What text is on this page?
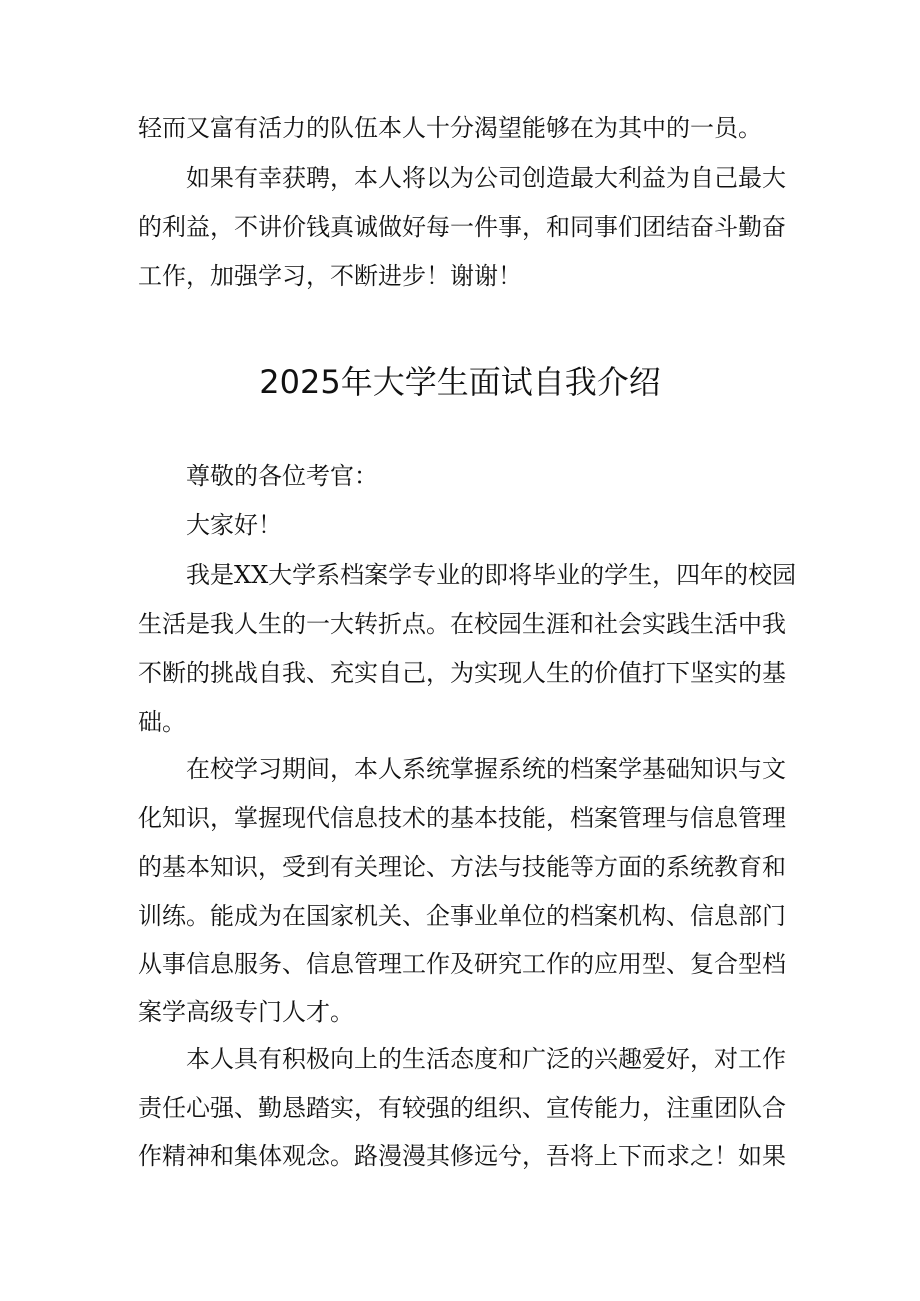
轻而又富有活力的队伍本人十分渴望能够在为其中的一员。

如果有幸获聘，本人将以为公司创造最大利益为自己最大

的利益，不讲价钱真诚做好每一件事，和同事们团结奋斗勤奋

工作，加强学习，不断进步！谢谢！

2025年大学生面试自我介绍

尊敬的各位考官：

大家好！

我是XX大学系档案学专业的即将毕业的学生，四年的校园

生活是我人生的一大转折点。在校园生涯和社会实践生活中我

不断的挑战自我、充实自己，为实现人生的价值打下坚实的基

础。

在校学习期间，本人系统掌握系统的档案学基础知识与文

化知识，掌握现代信息技术的基本技能，档案管理与信息管理

的基本知识，受到有关理论、方法与技能等方面的系统教育和

训练。能成为在国家机关、企事业单位的档案机构、信息部门

从事信息服务、信息管理工作及研究工作的应用型、复合型档

案学高级专门人才。

本人具有积极向上的生活态度和广泛的兴趣爱好，对工作

责任心强、勤恳踏实，有较强的组织、宣传能力，注重团队合

作精神和集体观念。路漫漫其修远兮，吾将上下而求之！如果
